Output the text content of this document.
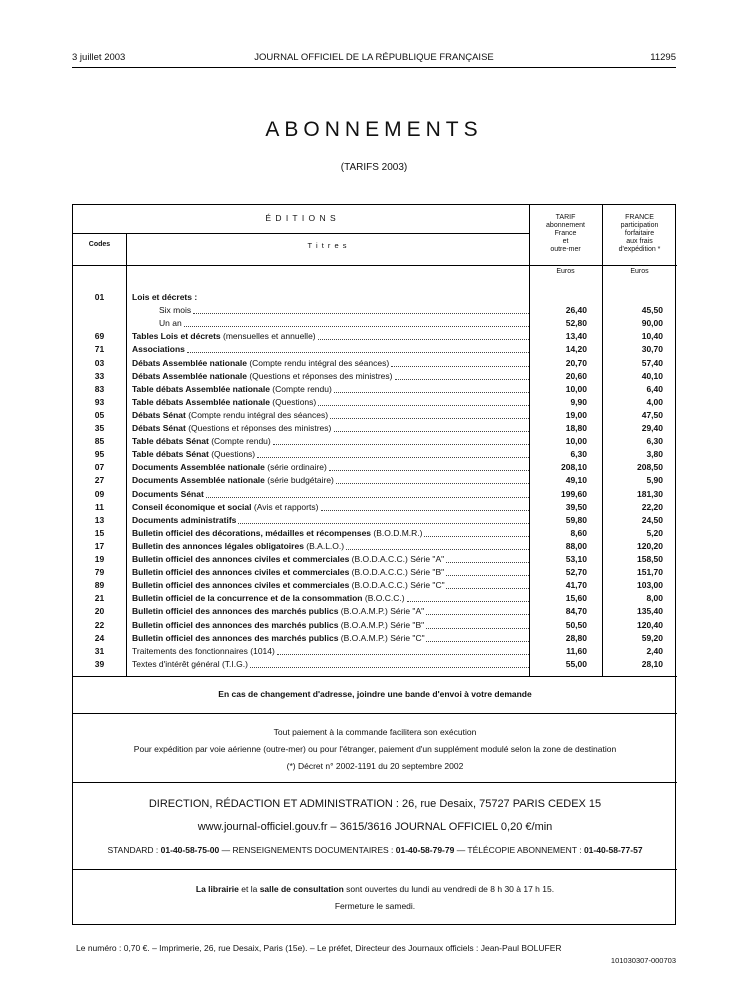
3 juillet 2003	JOURNAL OFFICIEL DE LA RÉPUBLIQUE FRANÇAISE	11295
ABONNEMENTS
(TARIFS 2003)
É D I T I O N S
Codes	T i t r e s
TARIF
abonnement
France
et
outre-mer
FRANCE
participation
forfaitaire
aux frais
d'expédition *
Euros	Euros
01	Lois et décrets :
Six mois	26,40	45,50
Un an	52,80	90,00
69	Tables Lois et décrets (mensuelles et annuelle)	13,40	10,40
71	Associations	14,20	30,70
03	Débats Assemblée nationale (Compte rendu intégral des séances)	20,70	57,40
33	Débats Assemblée nationale (Questions et réponses des ministres)	20,60	40,10
83	Table débats Assemblée nationale (Compte rendu)	10,00	6,40
93	Table débats Assemblée nationale (Questions)	9,90	4,00
05	Débats Sénat (Compte rendu intégral des séances)	19,00	47,50
35	Débats Sénat (Questions et réponses des ministres)	18,80	29,40
85	Table débats Sénat (Compte rendu)	10,00	6,30
95	Table débats Sénat (Questions)	6,30	3,80
07	Documents Assemblée nationale (série ordinaire)	208,10	208,50
27	Documents Assemblée nationale (série budgétaire)	49,10	5,90
09	Documents Sénat	199,60	181,30
11	Conseil économique et social (Avis et rapports)	39,50	22,20
13	Documents administratifs	59,80	24,50
15	Bulletin officiel des décorations, médailles et récompenses (B.O.D.M.R.)	8,60	5,20
17	Bulletin des annonces légales obligatoires (B.A.L.O.)	88,00	120,20
19	Bulletin officiel des annonces civiles et commerciales (B.O.D.A.C.C.) Série "A"	53,10	158,50
79	Bulletin officiel des annonces civiles et commerciales (B.O.D.A.C.C.) Série "B"	52,70	151,70
89	Bulletin officiel des annonces civiles et commerciales (B.O.D.A.C.C.) Série "C"	41,70	103,00
21	Bulletin officiel de la concurrence et de la consommation (B.O.C.C.)	15,60	8,00
20	Bulletin officiel des annonces des marchés publics (B.O.A.M.P.) Série "A"	84,70	135,40
22	Bulletin officiel des annonces des marchés publics (B.O.A.M.P.) Série "B"	50,50	120,40
24	Bulletin officiel des annonces des marchés publics (B.O.A.M.P.) Série "C"	28,80	59,20
31	Traitements des fonctionnaires (1014)	11,60	2,40
39	Textes d'intérêt général (T.I.G.)	55,00	28,10
En cas de changement d'adresse, joindre une bande d'envoi à votre demande
Tout paiement à la commande facilitera son exécution
Pour expédition par voie aérienne (outre-mer) ou pour l'étranger, paiement d'un supplément modulé selon la zone de destination
(*) Décret n° 2002-1191 du 20 septembre 2002
DIRECTION, RÉDACTION ET ADMINISTRATION : 26, rue Desaix, 75727 PARIS CEDEX 15
www.journal-officiel.gouv.fr – 3615/3616 JOURNAL OFFICIEL 0,20 €/min
STANDARD : 01-40-58-75-00 — RENSEIGNEMENTS DOCUMENTAIRES : 01-40-58-79-79 — TÉLÉCOPIE ABONNEMENT : 01-40-58-77-57
La librairie et la salle de consultation sont ouvertes du lundi au vendredi de 8 h 30 à 17 h 15.
Fermeture le samedi.
Le numéro : 0,70 €. – Imprimerie, 26, rue Desaix, Paris (15e). – Le préfet, Directeur des Journaux officiels : Jean-Paul BOLUFER
101030307-000703
